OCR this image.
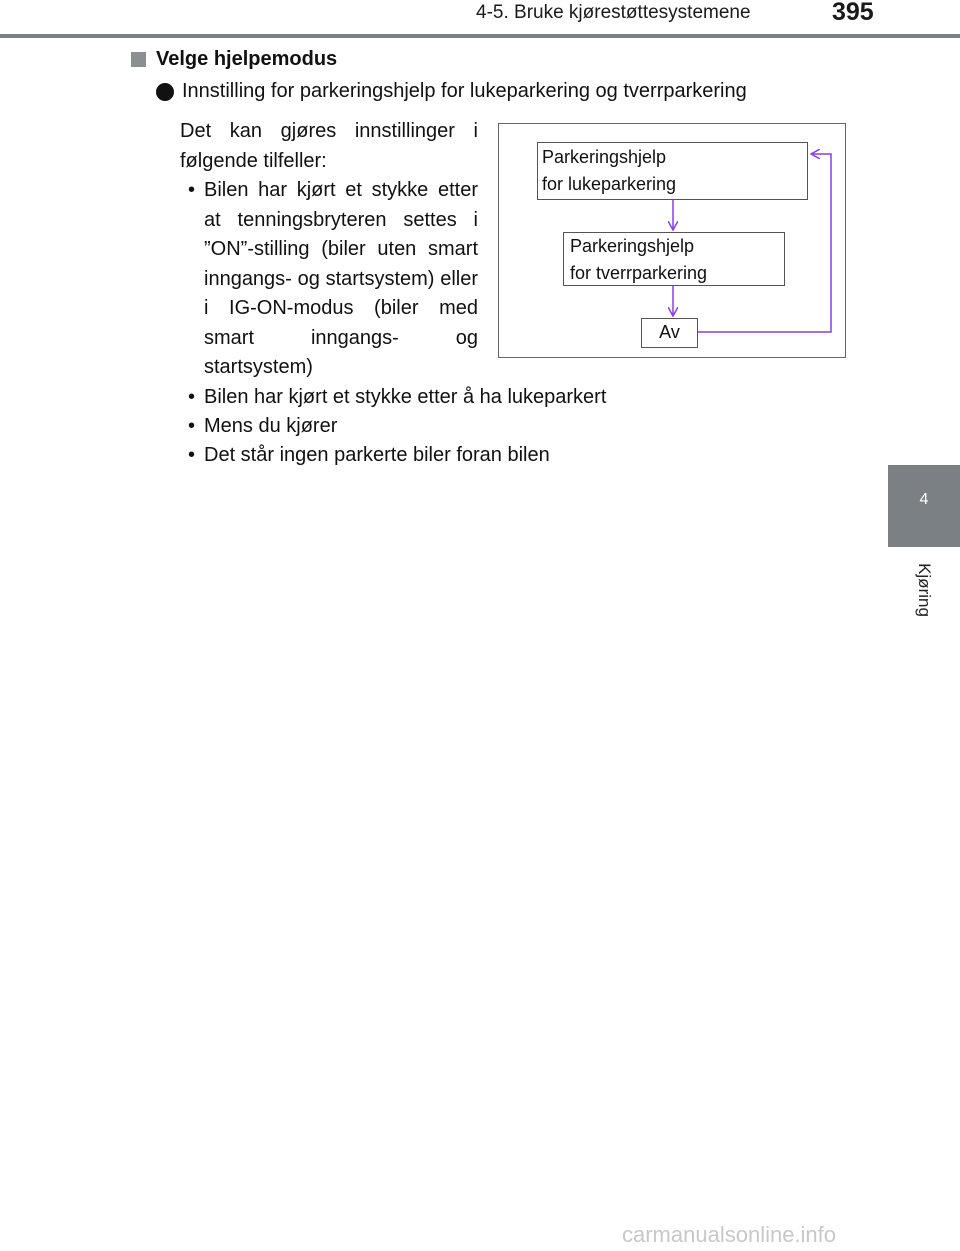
4-5. Bruke kjørestøttesystemene	395
4
Kjøring
Velge hjelpemodus
Innstilling for parkeringshjelp for lukeparkering og tverrparkering

Det kan gjøres innstillinger i følgende tilfeller:

• Bilen har kjørt et stykke etter at tenningsbryteren settes i ”ON”-stilling (biler uten smart inngangs- og startsystem) eller i IG-ON-modus (biler med smart inngangs- og startsystem)

• Bilen har kjørt et stykke etter å ha lukeparkert

• Mens du kjører

• Det står ingen parkerte biler foran bilen

Parkeringshjelp
for lukeparkering
Parkeringshjelp
for tverrparkering
Av
carmanualsonline.info
